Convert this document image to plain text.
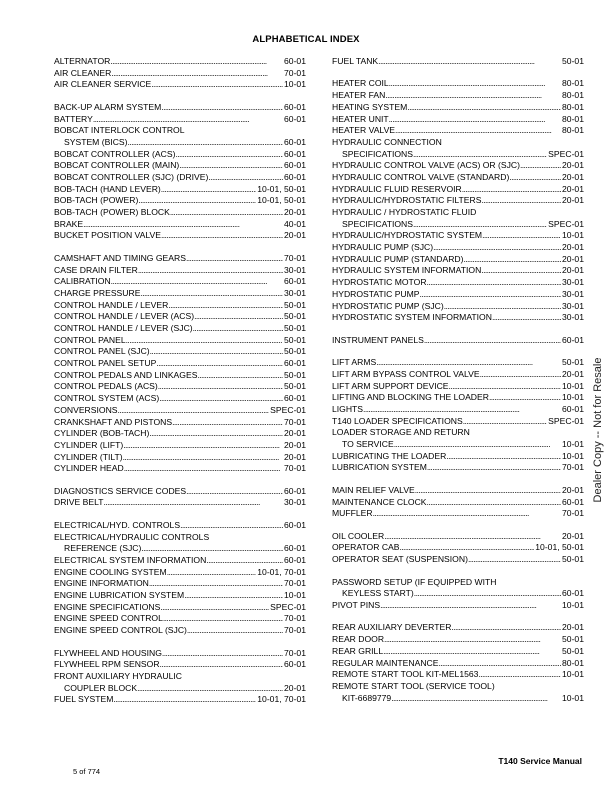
ALPHABETICAL INDEX
ALTERNATOR . . .	60-01
AIR CLEANER . . .	70-01
AIR CLEANER SERVICE . . .	10-01
BACK-UP ALARM SYSTEM . . .	60-01
BATTERY . . .	60-01
BOBCAT INTERLOCK CONTROL
SYSTEM (BICS) . . .	60-01
BOBCAT CONTROLLER (ACS) . . .	60-01
BOBCAT CONTROLLER (MAIN) . . .	60-01
BOBCAT CONTROLLER (SJC) (DRIVE) . . .	60-01
BOB-TACH (HAND LEVER) . . .	10-01, 50-01
BOB-TACH (POWER) . . .	10-01, 50-01
BOB-TACH (POWER) BLOCK . . .	20-01
BRAKE . . .	40-01
BUCKET POSITION VALVE . . .	20-01
CAMSHAFT AND TIMING GEARS . . .	70-01
CASE DRAIN FILTER . . .	30-01
CALIBRATION . . .	60-01
CHARGE PRESSURE . . .	30-01
CONTROL HANDLE / LEVER . . .	50-01
CONTROL HANDLE / LEVER (ACS) . . .	50-01
CONTROL HANDLE / LEVER (SJC) . . .	50-01
CONTROL PANEL . . .	50-01
CONTROL PANEL (SJC) . . .	50-01
CONTROL PANEL SETUP . . .	60-01
CONTROL PEDALS AND LINKAGES . . .	50-01
CONTROL PEDALS (ACS) . . .	50-01
CONTROL SYSTEM (ACS) . . .	60-01
CONVERSIONS . . .	SPEC-01
CRANKSHAFT AND PISTONS . . .	70-01
CYLINDER (BOB-TACH) . . .	20-01
CYLINDER (LIFT) . . .	20-01
CYLINDER (TILT) . . .	20-01
CYLINDER HEAD . . .	70-01
DIAGNOSTICS SERVICE CODES . . .	60-01
DRIVE BELT . . .	30-01
ELECTRICAL/HYD. CONTROLS . . .	60-01
ELECTRICAL/HYDRAULIC CONTROLS
REFERENCE (SJC) . . .	60-01
ELECTRICAL SYSTEM INFORMATION . . .	60-01
ENGINE COOLING SYSTEM . . .	10-01, 70-01
ENGINE INFORMATION . . .	70-01
ENGINE LUBRICATION SYSTEM . . .	10-01
ENGINE SPECIFICATIONS . . .	SPEC-01
ENGINE SPEED CONTROL . . .	70-01
ENGINE SPEED CONTROL (SJC) . . .	70-01
FLYWHEEL AND HOUSING . . .	70-01
FLYWHEEL RPM SENSOR . . .	60-01
FRONT AUXILIARY HYDRAULIC
COUPLER BLOCK . . .	20-01
FUEL SYSTEM . . .	10-01, 70-01
FUEL TANK . . .	50-01
HEATER COIL . . .	80-01
HEATER FAN . . .	80-01
HEATING SYSTEM . . .	80-01
HEATER UNIT . . .	80-01
HEATER VALVE . . .	80-01
HYDRAULIC CONNECTION
SPECIFICATIONS . . .	SPEC-01
HYDRAULIC CONTROL VALVE (ACS) OR (SJC) . . .	20-01
HYDRAULIC CONTROL VALVE (STANDARD) . . .	20-01
HYDRAULIC FLUID RESERVOIR . . .	20-01
HYDRAULIC/HYDROSTATIC FILTERS . . .	20-01
HYDRAULIC / HYDROSTATIC FLUID
SPECIFICATIONS . . .	SPEC-01
HYDRAULIC/HYDROSTATIC SYSTEM . . .	10-01
HYDRAULIC PUMP (SJC) . . .	20-01
HYDRAULIC PUMP (STANDARD) . . .	20-01
HYDRAULIC SYSTEM INFORMATION . . .	20-01
HYDROSTATIC MOTOR . . .	30-01
HYDROSTATIC PUMP . . .	30-01
HYDROSTATIC PUMP (SJC) . . .	30-01
HYDROSTATIC SYSTEM INFORMATION . . .	30-01
INSTRUMENT PANELS . . .	60-01
LIFT ARMS . . .	50-01
LIFT ARM BYPASS CONTROL VALVE . . .	20-01
LIFT ARM SUPPORT DEVICE . . .	10-01
LIFTING AND BLOCKING THE LOADER . . .	10-01
LIGHTS . . .	60-01
T140 LOADER SPECIFICATIONS . . .	SPEC-01
LOADER STORAGE AND RETURN
TO SERVICE . . .	10-01
LUBRICATING THE LOADER . . .	10-01
LUBRICATION SYSTEM . . .	70-01
MAIN RELIEF VALVE . . .	20-01
MAINTENANCE CLOCK . . .	60-01
MUFFLER . . .	70-01
OIL COOLER . . .	20-01
OPERATOR CAB . . .	10-01, 50-01
OPERATOR SEAT (SUSPENSION) . . .	50-01
PASSWORD SETUP (IF EQUIPPED WITH
KEYLESS START) . . .	60-01
PIVOT PINS . . .	10-01
REAR AUXILIARY DEVERTER . . .	20-01
REAR DOOR . . .	50-01
REAR GRILL . . .	50-01
REGULAR MAINTENANCE . . .	80-01
REMOTE START TOOL KIT-MEL1563 . . .	10-01
REMOTE START TOOL (SERVICE TOOL)
KIT-6689779 . . .	10-01
Dealer Copy -- Not for Resale
5 of 774
T140 Service Manual
